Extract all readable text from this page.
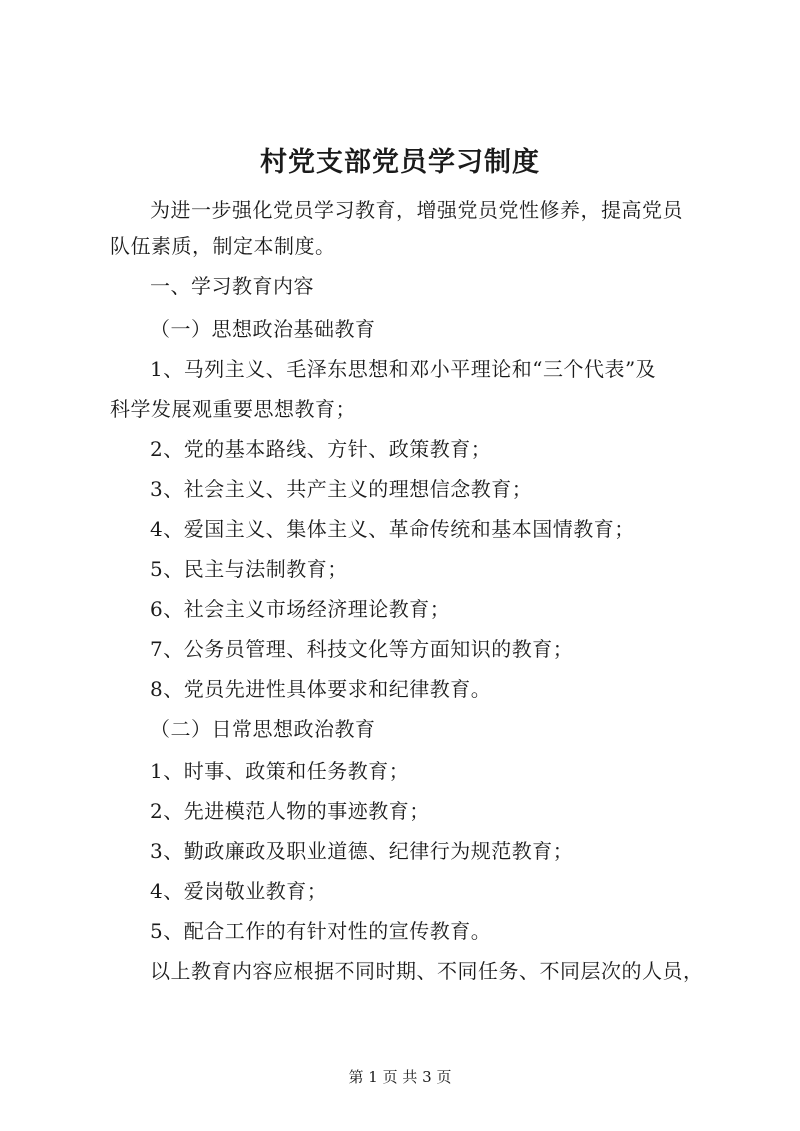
村党支部党员学习制度
为进一步强化党员学习教育，增强党员党性修养，提高党员
队伍素质，制定本制度。
一、学习教育内容
（一）思想政治基础教育
1、马列主义、毛泽东思想和邓小平理论和“三个代表”及
科学发展观重要思想教育；
2、党的基本路线、方针、政策教育；
3、社会主义、共产主义的理想信念教育；
4、爱国主义、集体主义、革命传统和基本国情教育；
5、民主与法制教育；
6、社会主义市场经济理论教育；
7、公务员管理、科技文化等方面知识的教育；
8、党员先进性具体要求和纪律教育。
（二）日常思想政治教育
1、时事、政策和任务教育；
2、先进模范人物的事迹教育；
3、勤政廉政及职业道德、纪律行为规范教育；
4、爱岗敬业教育；
5、配合工作的有针对性的宣传教育。
以上教育内容应根据不同时期、不同任务、不同层次的人员，
第 1 页 共 3 页
